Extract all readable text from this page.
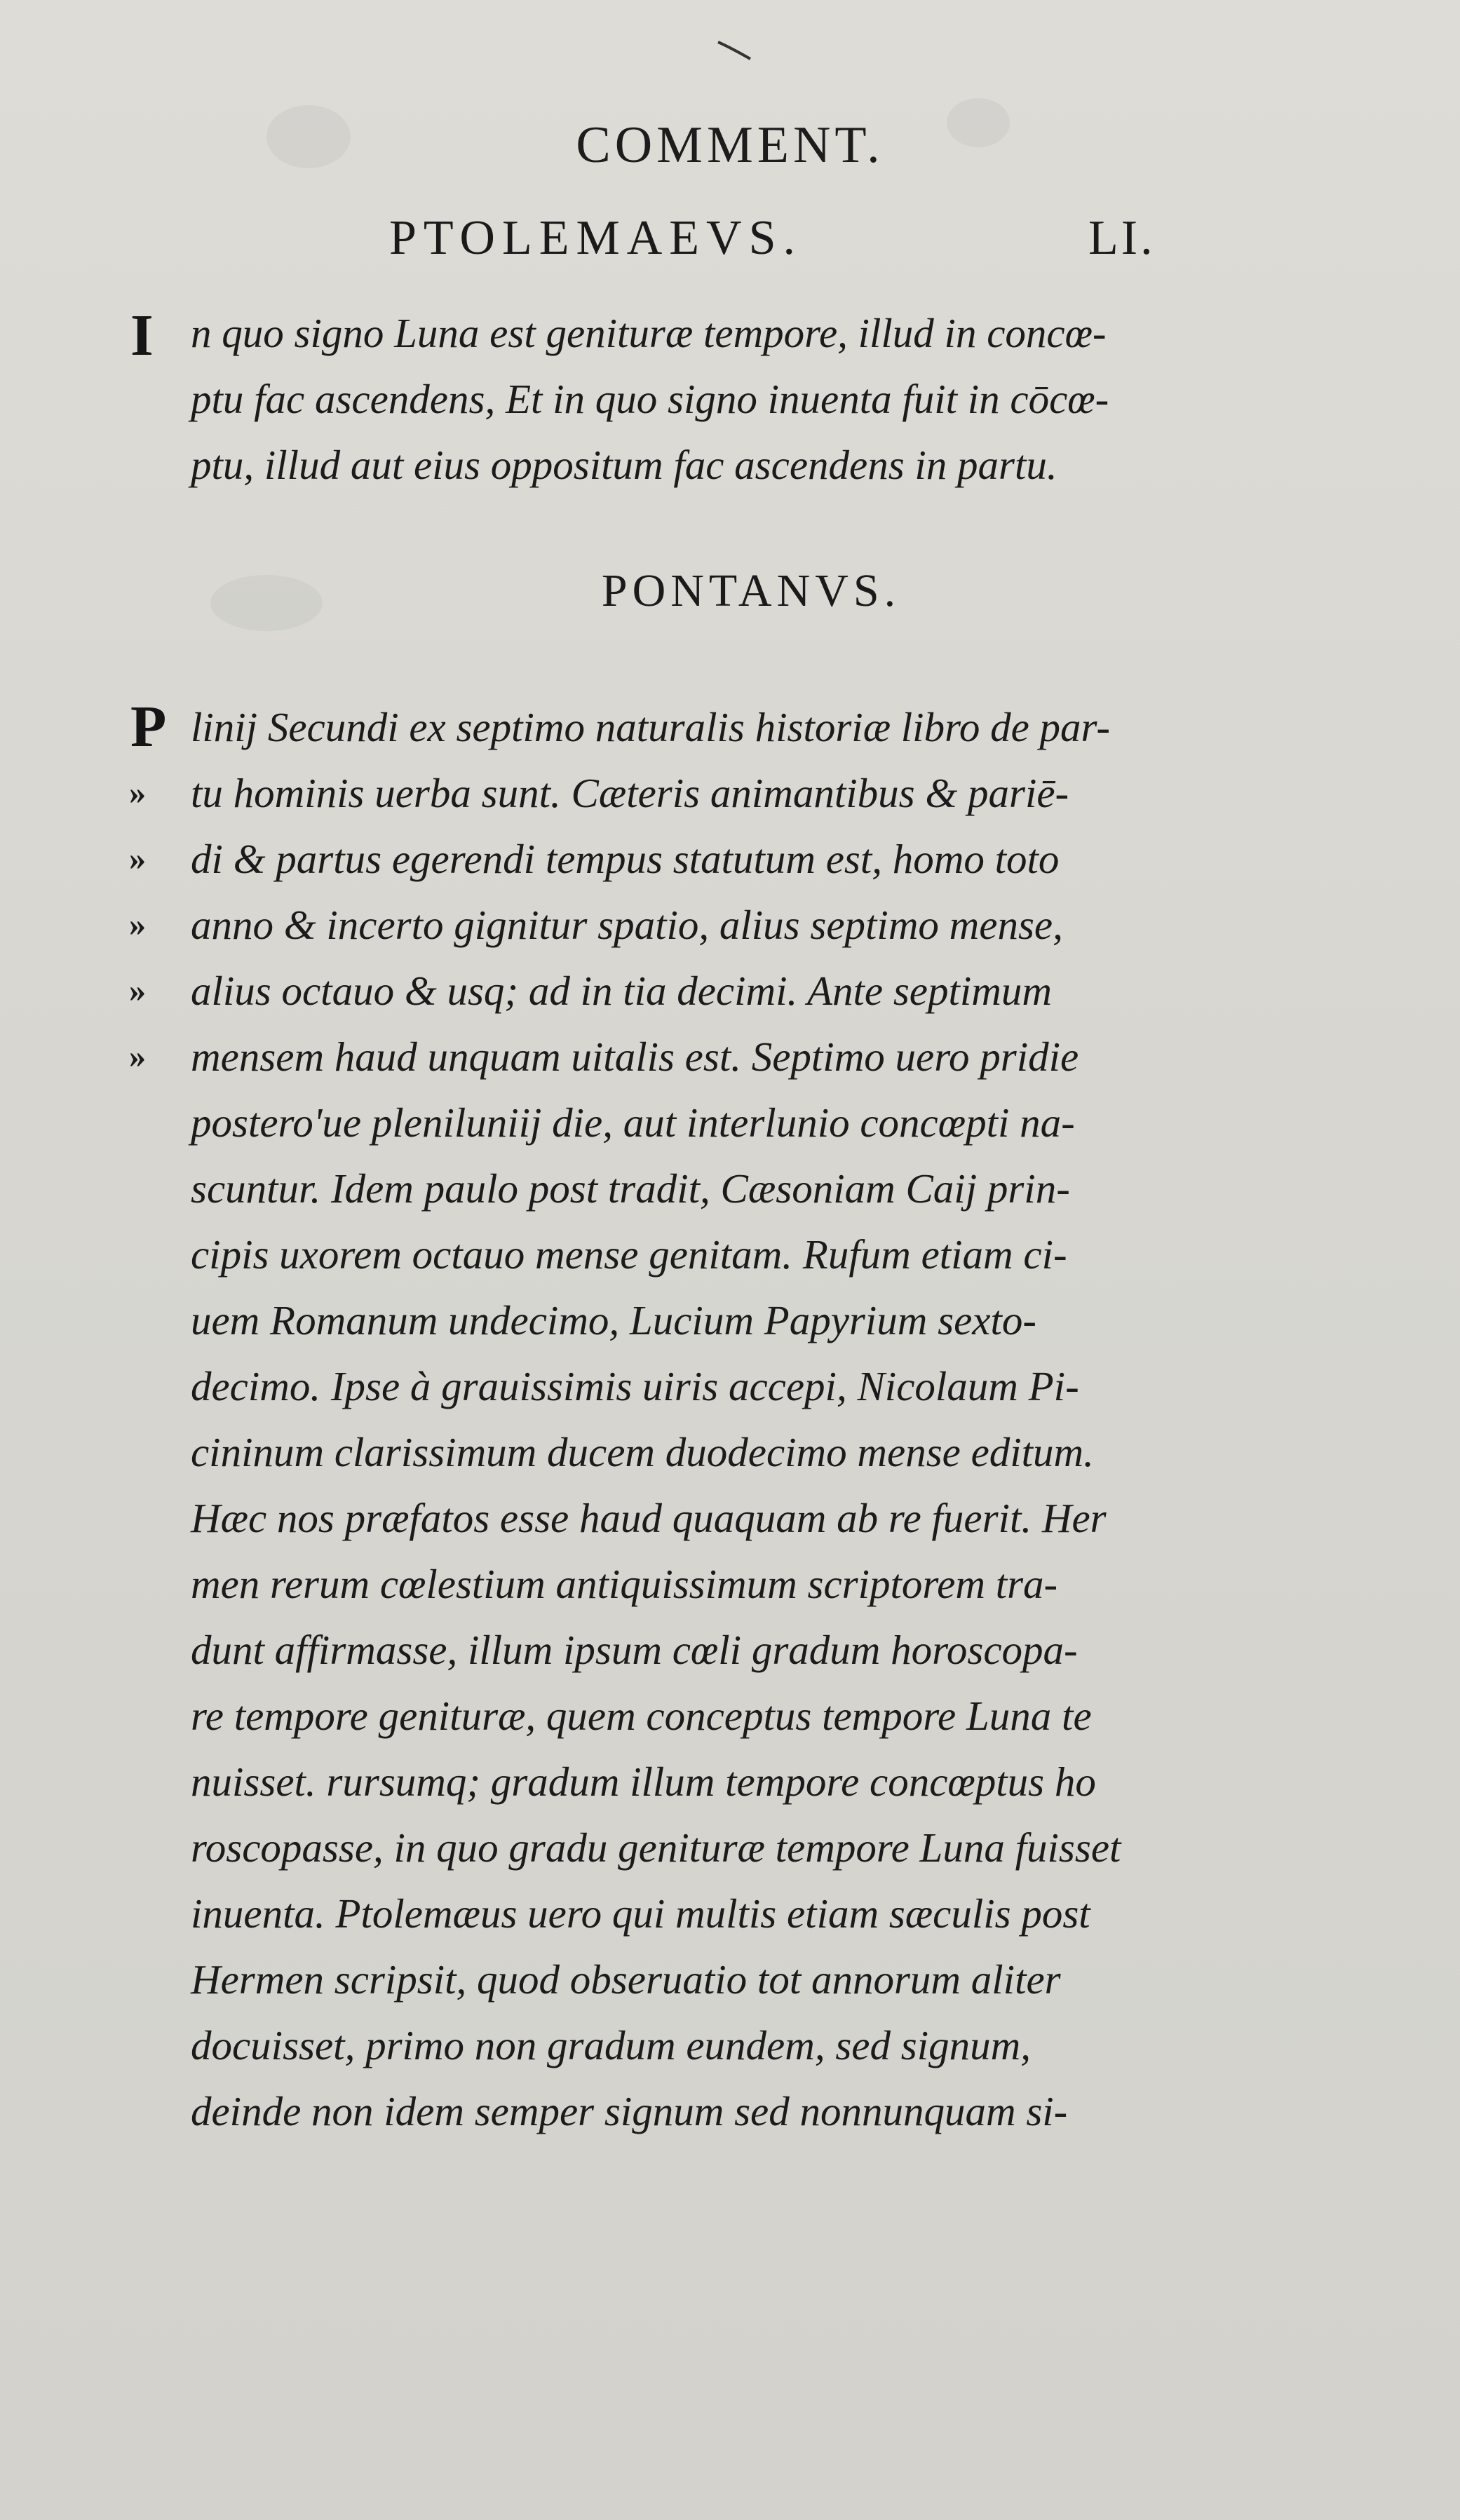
COMMENT.
PTOLEMAEVS.	LI.
I n quo signo Luna est genituræ tempore, illud in concœ-
ptu fac ascendens, Et in quo signo inuenta fuit in cōcœ-
ptu, illud aut eius oppositum fac ascendens in partu.
PONTANVS.
P
»
»
»
»
»
linij Secundi ex septimo naturalis historiæ libro de par-
tu hominis uerba sunt. Cæteris animantibus & pariē-
di & partus egerendi tempus statutum est, homo toto
anno & incerto gignitur spatio, alius septimo mense,
alius octauo & usq; ad in tia decimi. Ante septimum
mensem haud unquam uitalis est. Septimo uero pridie
postero'ue pleniluniij die, aut interlunio concœpti na-
scuntur. Idem paulo post tradit, Cæsoniam Caij prin-
cipis uxorem octauo mense genitam. Rufum etiam ci-
uem Romanum undecimo, Lucium Papyrium sexto-
decimo. Ipse à grauissimis uiris accepi, Nicolaum Pi-
cininum clarissimum ducem duodecimo mense editum.
Hæc nos præfatos esse haud quaquam ab re fuerit. Her
men rerum cœlestium antiquissimum scriptorem tra-
dunt affirmasse, illum ipsum cœli gradum horoscopa-
re tempore genituræ, quem conceptus tempore Luna te
nuisset. rursumq; gradum illum tempore concœptus ho
roscopasse, in quo gradu genituræ tempore Luna fuisset
inuenta. Ptolemæus uero qui multis etiam sæculis post
Hermen scripsit, quod obseruatio tot annorum aliter
docuisset, primo non gradum eundem, sed signum,
deinde non idem semper signum sed nonnunquam si-
